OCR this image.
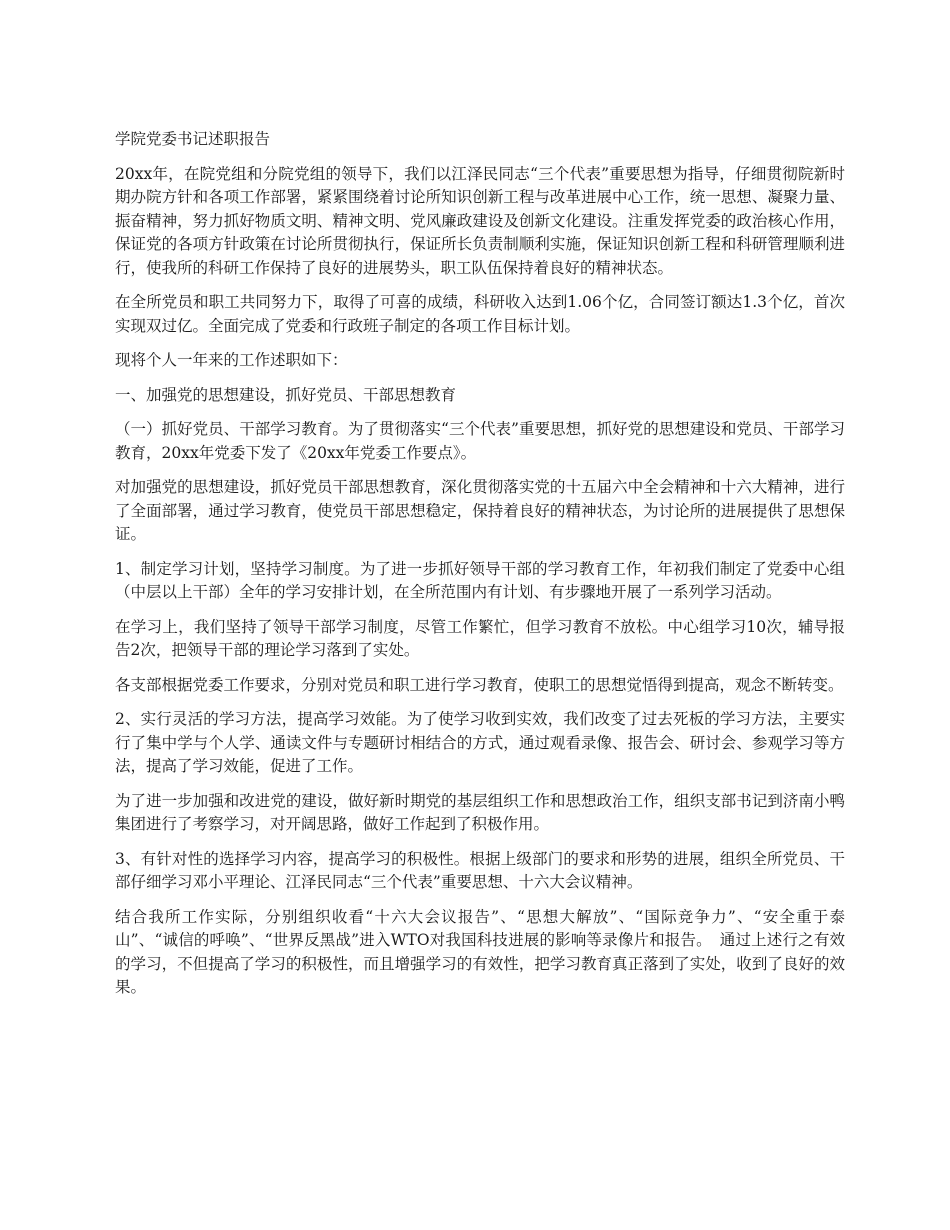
学院党委书记述职报告

20xx年，在院党组和分院党组的领导下，我们以江泽民同志“三个代表”重要思想为指导，仔细贯彻院新时期办院方针和各项工作部署，紧紧围绕着讨论所知识创新工程与改革进展中心工作，统一思想、凝聚力量、振奋精神，努力抓好物质文明、精神文明、党风廉政建设及创新文化建设。注重发挥党委的政治核心作用，保证党的各项方针政策在讨论所贯彻执行，保证所长负责制顺利实施，保证知识创新工程和科研管理顺利进行，使我所的科研工作保持了良好的进展势头，职工队伍保持着良好的精神状态。

在全所党员和职工共同努力下，取得了可喜的成绩，科研收入达到1.06个亿，合同签订额达1.3个亿，首次实现双过亿。全面完成了党委和行政班子制定的各项工作目标计划。

现将个人一年来的工作述职如下：

一、加强党的思想建设，抓好党员、干部思想教育

（一）抓好党员、干部学习教育。为了贯彻落实“三个代表”重要思想，抓好党的思想建设和党员、干部学习教育，20xx年党委下发了《20xx年党委工作要点》。

对加强党的思想建设，抓好党员干部思想教育，深化贯彻落实党的十五届六中全会精神和十六大精神，进行了全面部署，通过学习教育，使党员干部思想稳定，保持着良好的精神状态，为讨论所的进展提供了思想保证。

1、制定学习计划，坚持学习制度。为了进一步抓好领导干部的学习教育工作，年初我们制定了党委中心组（中层以上干部）全年的学习安排计划，在全所范围内有计划、有步骤地开展了一系列学习活动。

在学习上，我们坚持了领导干部学习制度，尽管工作繁忙，但学习教育不放松。中心组学习10次，辅导报告2次，把领导干部的理论学习落到了实处。

各支部根据党委工作要求，分别对党员和职工进行学习教育，使职工的思想觉悟得到提高，观念不断转变。

2、实行灵活的学习方法，提高学习效能。为了使学习收到实效，我们改变了过去死板的学习方法，主要实行了集中学与个人学、通读文件与专题研讨相结合的方式，通过观看录像、报告会、研讨会、参观学习等方法，提高了学习效能，促进了工作。

为了进一步加强和改进党的建设，做好新时期党的基层组织工作和思想政治工作，组织支部书记到济南小鸭集团进行了考察学习，对开阔思路，做好工作起到了积极作用。

3、有针对性的选择学习内容，提高学习的积极性。根据上级部门的要求和形势的进展，组织全所党员、干部仔细学习邓小平理论、江泽民同志“三个代表”重要思想、十六大会议精神。

结合我所工作实际，分别组织收看“十六大会议报告”、“思想大解放”、“国际竞争力”、“安全重于泰山”、“诚信的呼唤”、“世界反黑战”进入WTO对我国科技进展的影响等录像片和报告。　通过上述行之有效的学习，不但提高了学习的积极性，而且增强学习的有效性，把学习教育真正落到了实处，收到了良好的效果。
